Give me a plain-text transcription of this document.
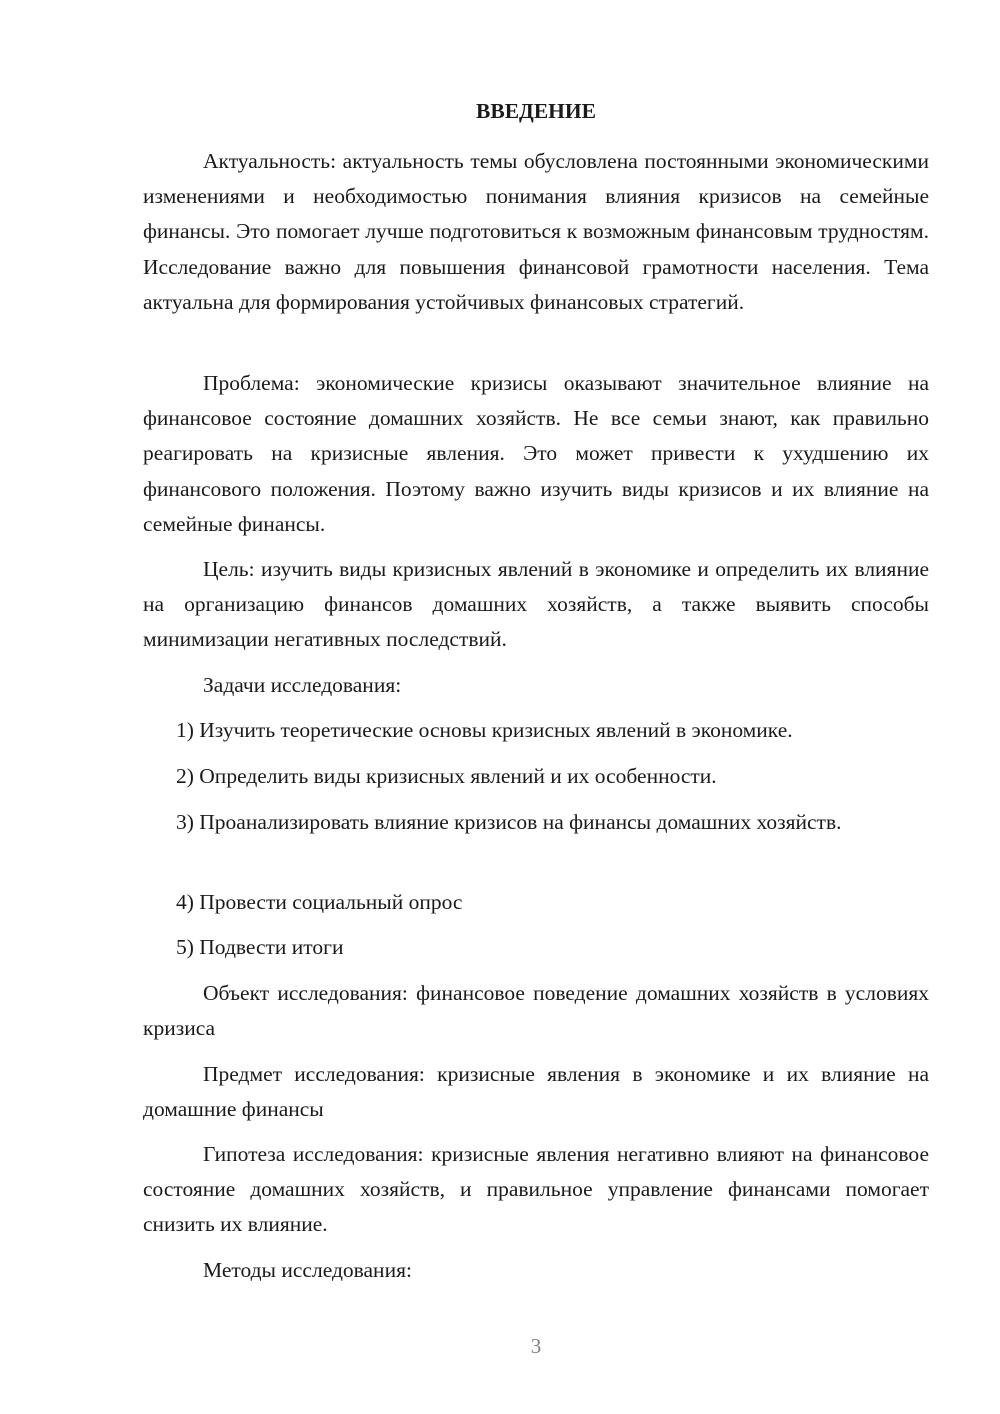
ВВЕДЕНИЕ

Актуальность: актуальность темы обусловлена постоянными экономическими изменениями и необходимостью понимания влияния кризисов на семейные финансы. Это помогает лучше подготовиться к возможным финансовым трудностям. Исследование важно для повышения финансовой грамотности населения. Тема актуальна для формирования устойчивых финансовых стратегий.

Проблема: экономические кризисы оказывают значительное влияние на финансовое состояние домашних хозяйств. Не все семьи знают, как правильно реагировать на кризисные явления. Это может привести к ухудшению их финансового положения. Поэтому важно изучить виды кризисов и их влияние на семейные финансы.

Цель: изучить виды кризисных явлений в экономике и определить их влияние на организацию финансов домашних хозяйств, а также выявить способы минимизации негативных последствий.

Задачи исследования:

1) Изучить теоретические основы кризисных явлений в экономике.

2) Определить виды кризисных явлений и их особенности.

3) Проанализировать влияние кризисов на финансы домашних хозяйств.

4) Провести социальный опрос

5) Подвести итоги

Объект исследования: финансовое поведение домашних хозяйств в условиях кризиса

Предмет исследования: кризисные явления в экономике и их влияние на домашние финансы

Гипотеза исследования: кризисные явления негативно влияют на финансовое состояние домашних хозяйств, и правильное управление финансами помогает снизить их влияние.

Методы исследования:

3
